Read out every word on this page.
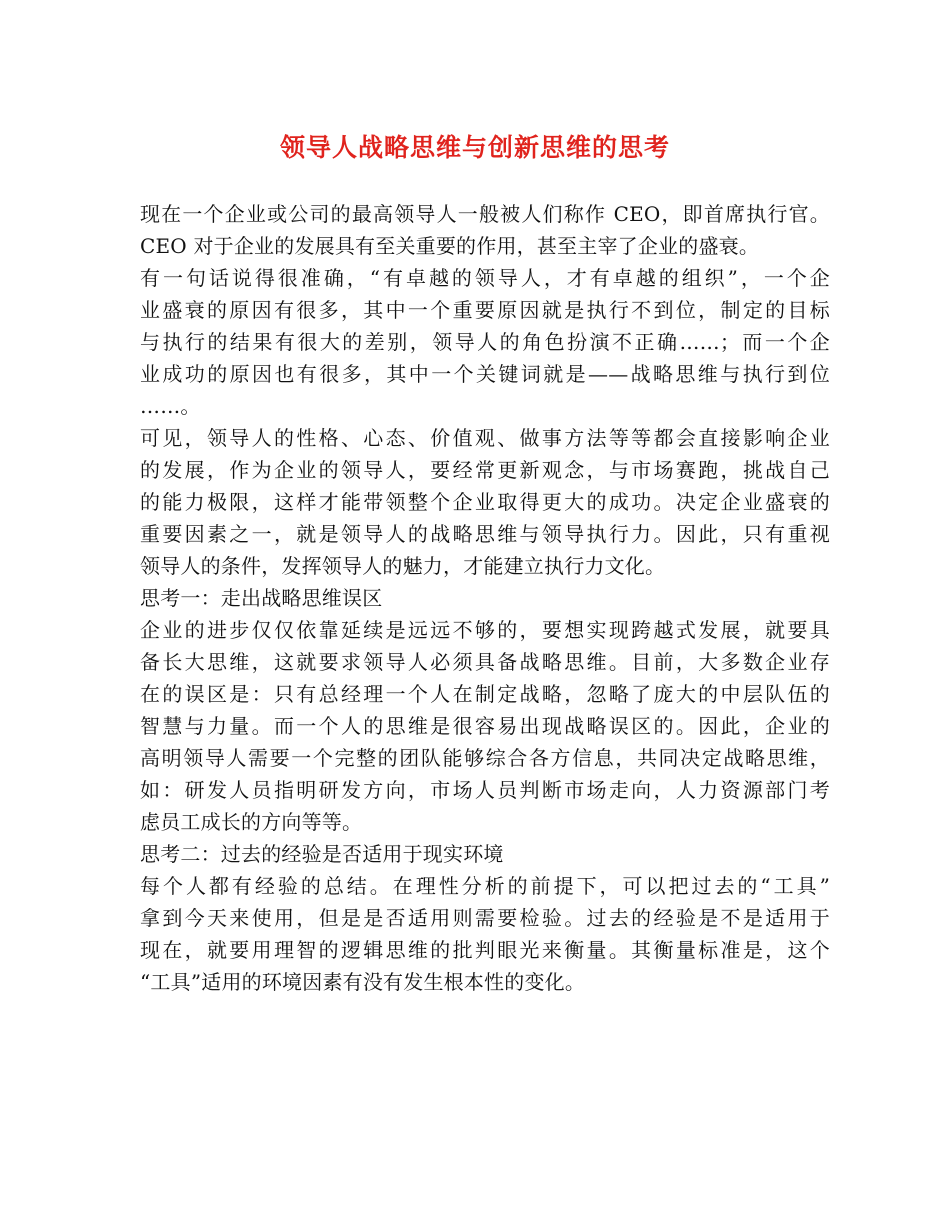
领导人战略思维与创新思维的思考
现在一个企业或公司的最高领导人一般被人们称作 CEO，即首席执行官。
CEO 对于企业的发展具有至关重要的作用，甚至主宰了企业的盛衰。
有一句话说得很准确，“有卓越的领导人，才有卓越的组织”，一个企
业盛衰的原因有很多，其中一个重要原因就是执行不到位，制定的目标
与执行的结果有很大的差别，领导人的角色扮演不正确……；而一个企
业成功的原因也有很多，其中一个关键词就是——战略思维与执行到位
……。
可见，领导人的性格、心态、价值观、做事方法等等都会直接影响企业
的发展，作为企业的领导人，要经常更新观念，与市场赛跑，挑战自己
的能力极限，这样才能带领整个企业取得更大的成功。决定企业盛衰的
重要因素之一，就是领导人的战略思维与领导执行力。因此，只有重视
领导人的条件，发挥领导人的魅力，才能建立执行力文化。
思考一：走出战略思维误区
企业的进步仅仅依靠延续是远远不够的，要想实现跨越式发展，就要具
备长大思维，这就要求领导人必须具备战略思维。目前，大多数企业存
在的误区是：只有总经理一个人在制定战略，忽略了庞大的中层队伍的
智慧与力量。而一个人的思维是很容易出现战略误区的。因此，企业的
高明领导人需要一个完整的团队能够综合各方信息，共同决定战略思维，
如：研发人员指明研发方向，市场人员判断市场走向，人力资源部门考
虑员工成长的方向等等。
思考二：过去的经验是否适用于现实环境
每个人都有经验的总结。在理性分析的前提下，可以把过去的“工具”
拿到今天来使用，但是是否适用则需要检验。过去的经验是不是适用于
现在，就要用理智的逻辑思维的批判眼光来衡量。其衡量标准是，这个
“工具”适用的环境因素有没有发生根本性的变化。
